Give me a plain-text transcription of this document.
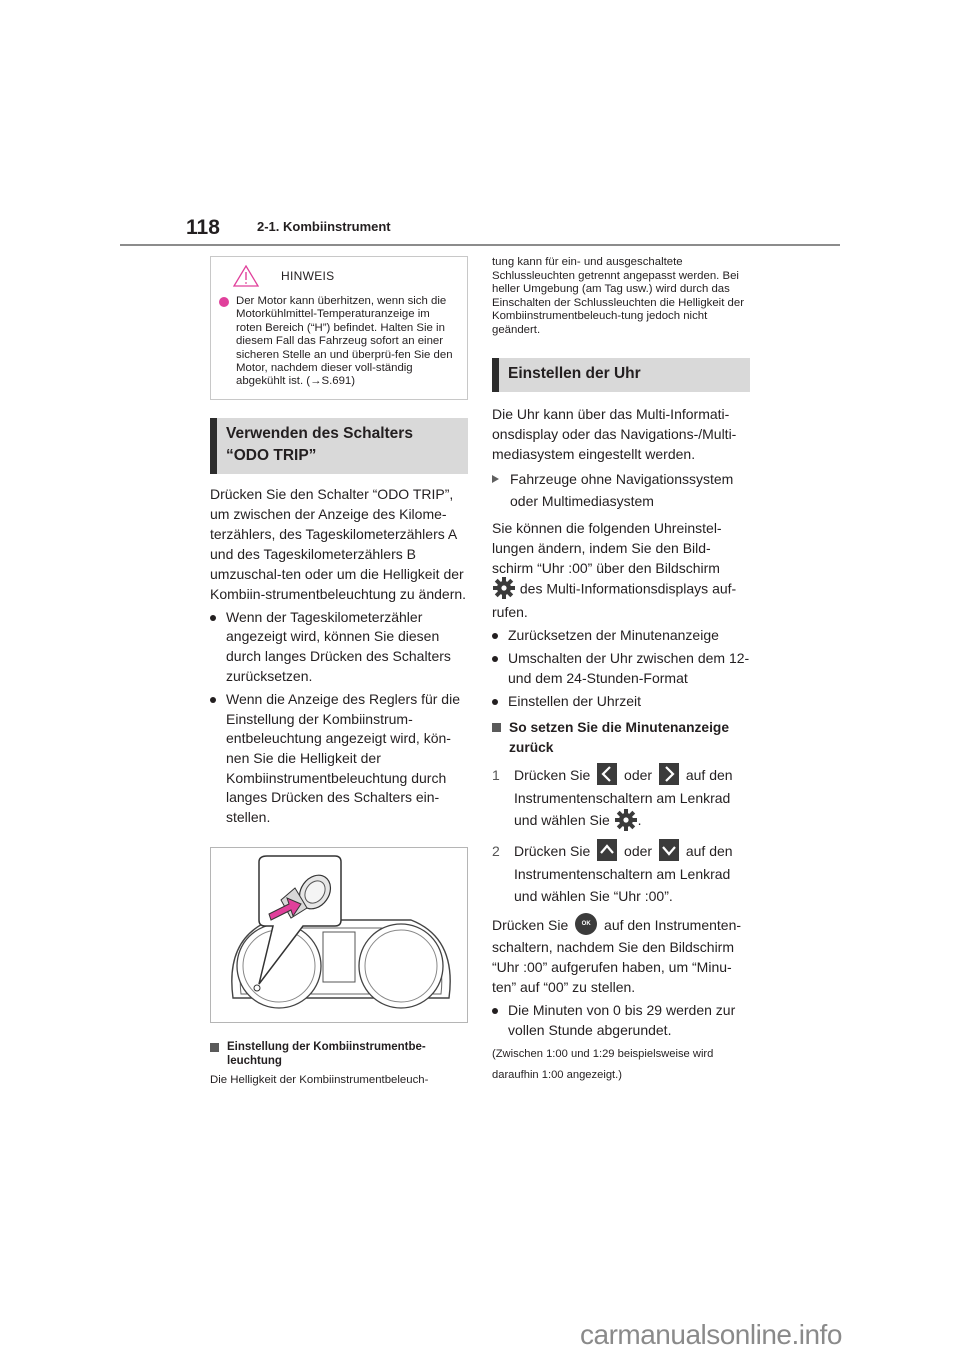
118	2-1. Kombiinstrument
HINWEIS
Der Motor kann überhitzen, wenn sich die Motorkühlmittel-Temperaturanzeige im roten Bereich (“H”) befindet. Halten Sie in diesem Fall das Fahrzeug sofort an einer sicheren Stelle an und überprü-fen Sie den Motor, nachdem dieser voll-ständig abgekühlt ist. (→S.691)
Verwenden des Schalters
“ODO TRIP”

Drücken Sie den Schalter “ODO TRIP”, um zwischen der Anzeige des Kilome-terzählers, des Tageskilometerzählers A und des Tageskilometerzählers B umzuschal-ten oder um die Helligkeit der Kombiin-strumentbeleuchtung zu ändern.

Wenn der Tageskilometerzähler angezeigt wird, können Sie diesen durch langes Drücken des Schalters zurücksetzen.
Wenn die Anzeige des Reglers für die Einstellung der Kombiinstrum-entbeleuchtung angezeigt wird, kön-nen Sie die Helligkeit der Kombiinstrumentbeleuchtung durch langes Drücken des Schalters ein-stellen.
Einstellung der Kombiinstrumentbe-leuchtung

Die Helligkeit der Kombiinstrumentbeleuch-

tung kann für ein- und ausgeschaltete Schlussleuchten getrennt angepasst werden. Bei heller Umgebung (am Tag usw.) wird durch das Einschalten der Schlussleuchten die Helligkeit der Kombiinstrumentbeleuch-tung jedoch nicht geändert.

Einstellen der Uhr

Die Uhr kann über das Multi-Informati-onsdisplay oder das Navigations-/Multi-mediasystem eingestellt werden.

Fahrzeuge ohne Navigationssystem oder Multimediasystem

Sie können die folgenden Uhreinstel-lungen ändern, indem Sie den Bild-schirm “Uhr :00” über den Bildschirm
des Multi-Informationsdisplays auf-rufen.

Zurücksetzen der Minutenanzeige
Umschalten der Uhr zwischen dem 12- und dem 24-Stunden-Format
Einstellen der Uhrzeit
So setzen Sie die Minutenanzeige zurück
1	Drücken Sie
oder
auf den Instrumentenschaltern am Lenkrad und wählen Sie .
2	Drücken Sie
oder
auf den Instrumentenschaltern am Lenkrad und wählen Sie “Uhr :00”.

Drücken Sie OK auf den Instrumenten-schaltern, nachdem Sie den Bildschirm “Uhr :00” aufgerufen haben, um “Minu-ten” auf “00” zu stellen.

Die Minuten von 0 bis 29 werden zur vollen Stunde abgerundet.

(Zwischen 1:00 und 1:29 beispielsweise wird daraufhin 1:00 angezeigt.)

carmanualsonline.info
